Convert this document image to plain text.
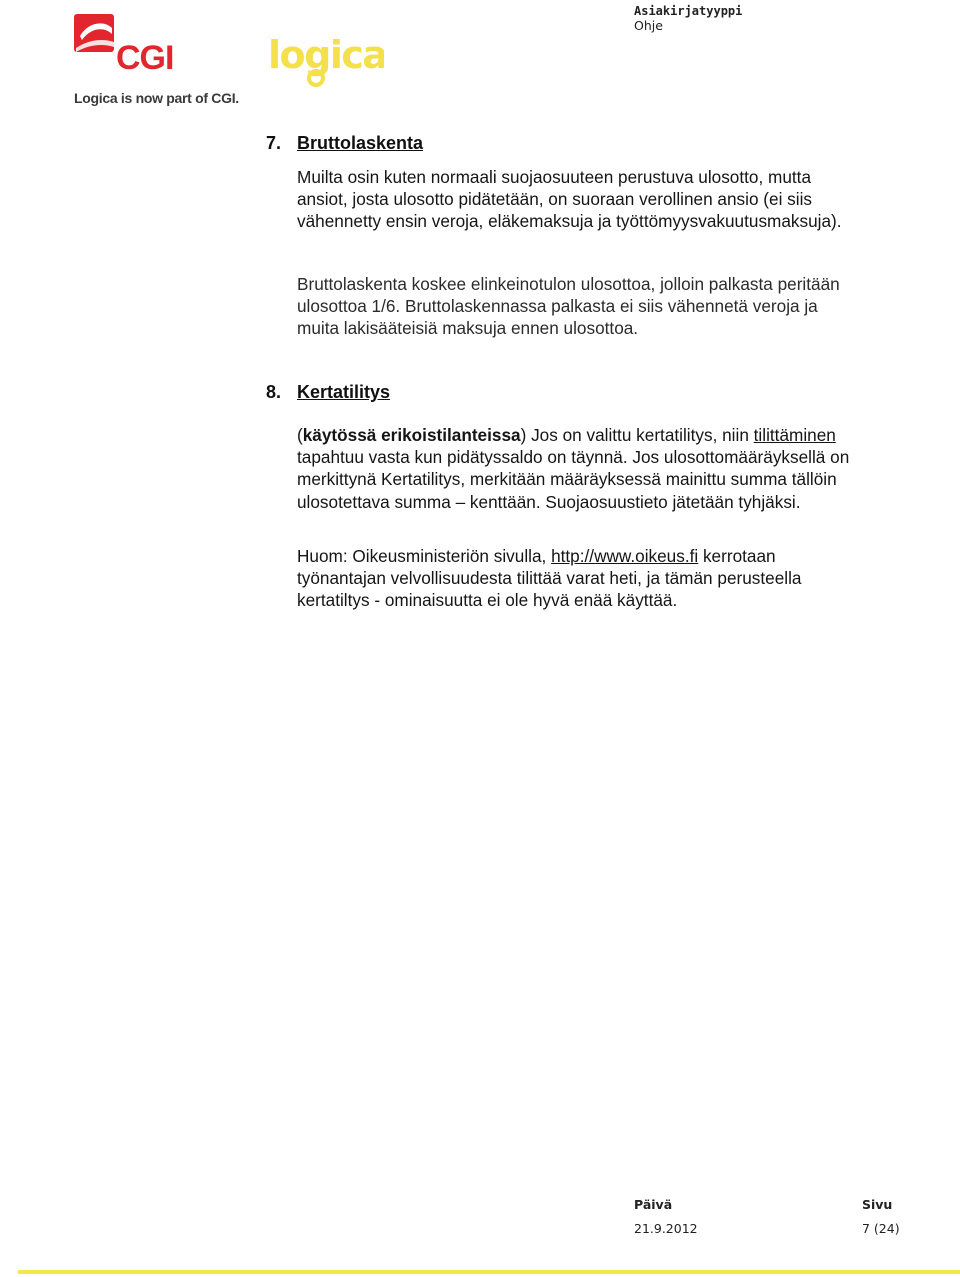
CGI logica
Logica is now part of CGI.
Asiakirjatyyppi
Ohje
7. Bruttolaskenta
Muilta osin kuten normaali suojaosuuteen perustuva ulosotto, mutta ansiot, josta ulosotto pidätetään, on suoraan verollinen ansio (ei siis vähennetty ensin veroja, eläkemaksuja ja työttömyysvakuutusmaksuja).
Bruttolaskenta koskee elinkeinotulon ulosottoa, jolloin palkasta peritään ulosottoa 1/6. Bruttolaskennassa palkasta ei siis vähennetä veroja ja muita lakisääteisiä maksuja ennen ulosottoa.
8. Kertatilitys
(käytössä erikoistilanteissa) Jos on valittu kertatilitys, niin tilittäminen tapahtuu vasta kun pidätyssaldo on täynnä. Jos ulosottomääräyksellä on merkittynä Kertatilitys, merkitään määräyksessä mainittu summa tällöin ulosotettava summa – kenttään. Suojaosuustieto jätetään tyhjäksi.
Huom: Oikeusministeriön sivulla, http://www.oikeus.fi kerrotaan työnantajan velvollisuudesta tilittää varat heti, ja tämän perusteella kertatiltys - ominaisuutta ei ole hyvä enää käyttää.
Päivä	Sivu
21.9.2012	7 (24)
